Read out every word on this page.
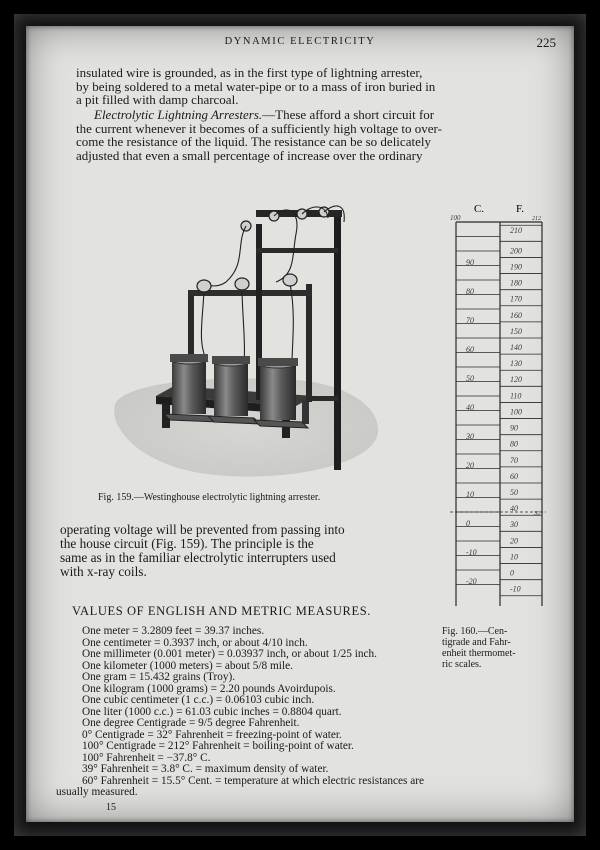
DYNAMIC ELECTRICITY	225
insulated wire is grounded, as in the first type of lightning arrester,
by being soldered to a metal water-pipe or to a mass of iron buried in
a pit filled with damp charcoal.
Electrolytic Lightning Arresters.—These afford a short circuit for
the current whenever it becomes of a sufficiently high voltage to over-
come the resistance of the liquid. The resistance can be so delicately
adjusted that even a small percentage of increase over the ordinary
Fig. 159.—Westinghouse electrolytic lightning arrester.
operating voltage will be prevented from passing into
the house circuit (Fig. 159). The principle is the
same as in the familiar electrolytic interrupters used
with x-ray coils.
C.	F.
100
90
80
70
60
50
40
30
20
10
0
-10
-20
212
210
200
190
180
170
160
150
140
130
120
110
100
90
80
70
60
50
40
32
30
20
10
0
-10
Fig. 160.—Cen-
tigrade and Fahr-
enheit thermomet-
ric scales.
VALUES OF ENGLISH AND METRIC MEASURES.
One meter = 3.2809 feet = 39.37 inches.
One centimeter = 0.3937 inch, or about 4/10 inch.
One millimeter (0.001 meter) = 0.03937 inch, or about 1/25 inch.
One kilometer (1000 meters) = about 5/8 mile.
One gram = 15.432 grains (Troy).
One kilogram (1000 grams) = 2.20 pounds Avoirdupois.
One cubic centimeter (1 c.c.) = 0.06103 cubic inch.
One liter (1000 c.c.) = 61.03 cubic inches = 0.8804 quart.
One degree Centigrade = 9/5 degree Fahrenheit.
0° Centigrade = 32° Fahrenheit = freezing-point of water.
100° Centigrade = 212° Fahrenheit = boiling-point of water.
100° Fahrenheit = −37.8° C.
39° Fahrenheit = 3.8° C. = maximum density of water.
60° Fahrenheit = 15.5° Cent. = temperature at which electric resistances are
usually measured.
15
